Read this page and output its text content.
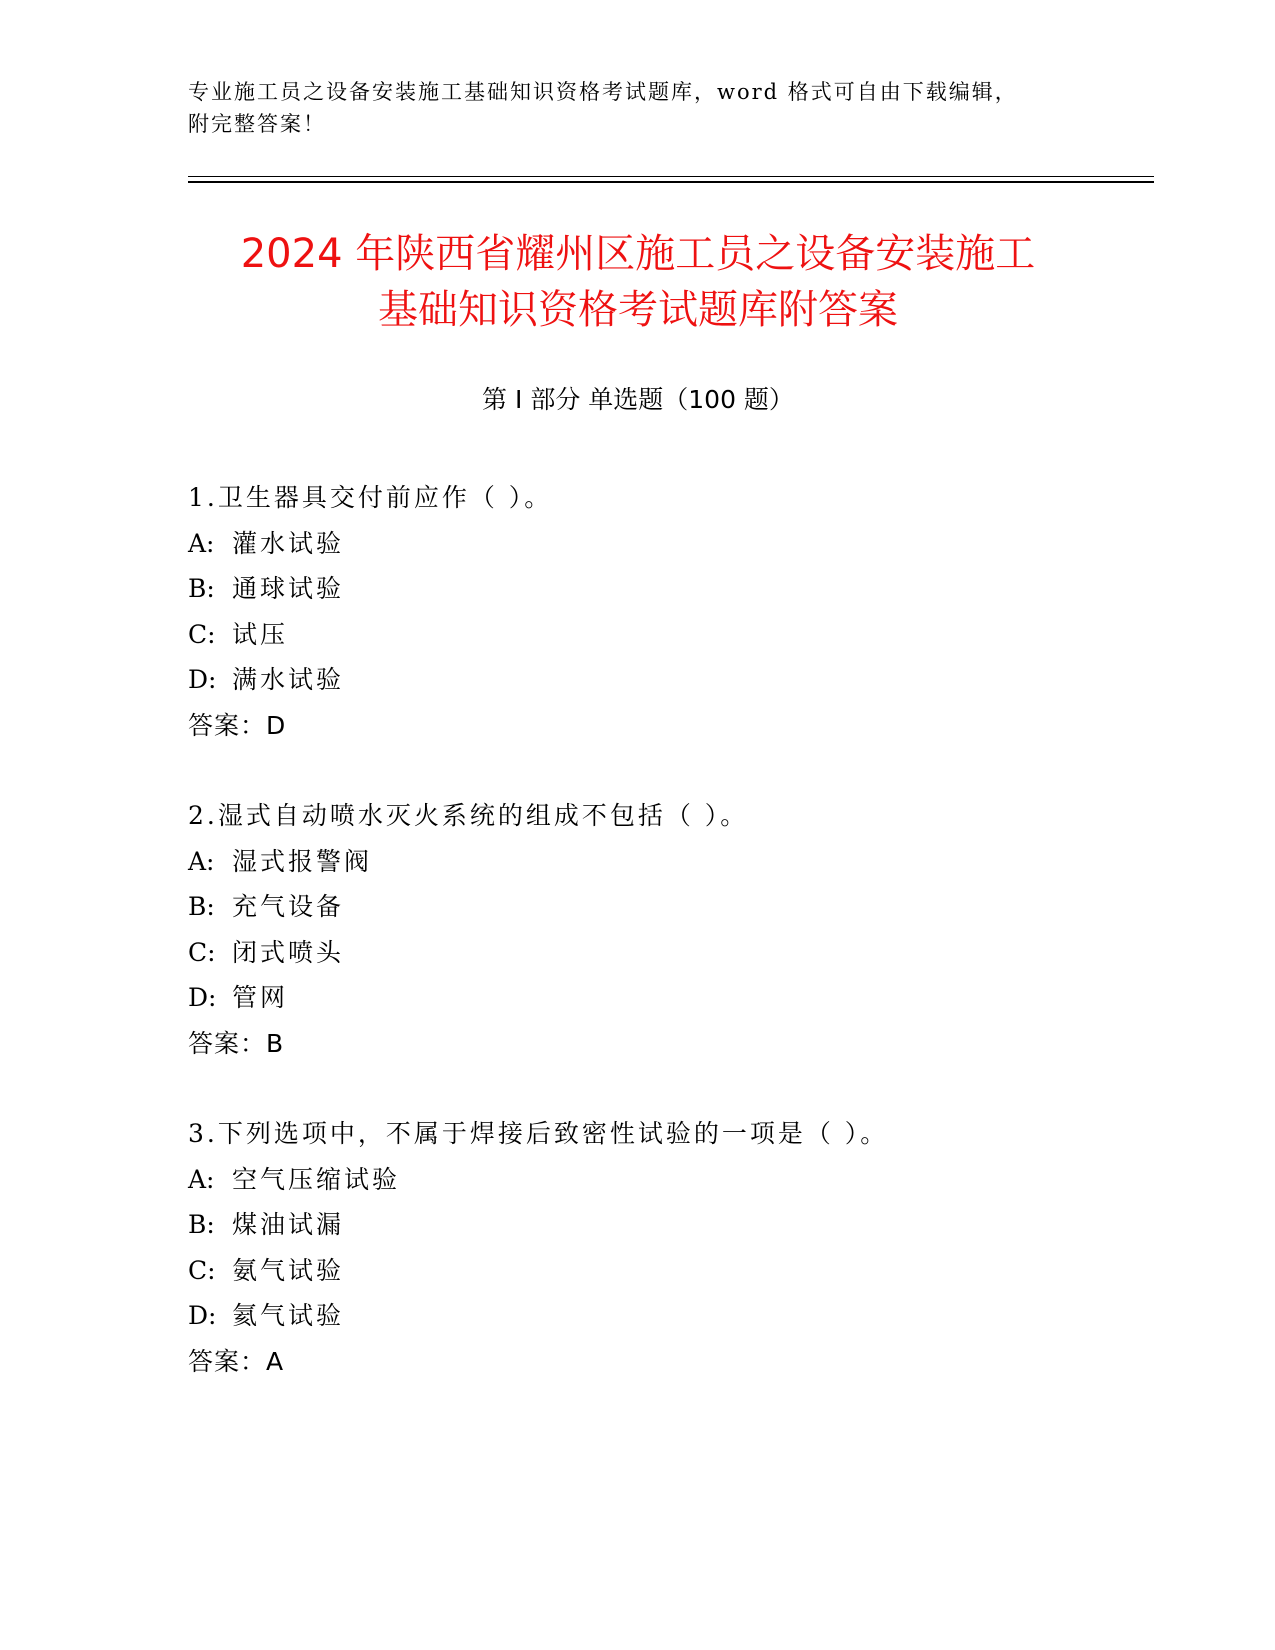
专业施工员之设备安装施工基础知识资格考试题库，word 格式可自由下载编辑，
附完整答案！
2024 年陕西省耀州区施工员之设备安装施工
基础知识资格考试题库附答案
第 I 部分 单选题（100 题）
1.卫生器具交付前应作（ ）。
A: 灌水试验
B: 通球试验
C: 试压
D: 满水试验
答案：D
2.湿式自动喷水灭火系统的组成不包括（ ）。
A: 湿式报警阀
B: 充气设备
C: 闭式喷头
D: 管网
答案：B
3.下列选项中，不属于焊接后致密性试验的一项是（ ）。
A: 空气压缩试验
B: 煤油试漏
C: 氨气试验
D: 氦气试验
答案：A
